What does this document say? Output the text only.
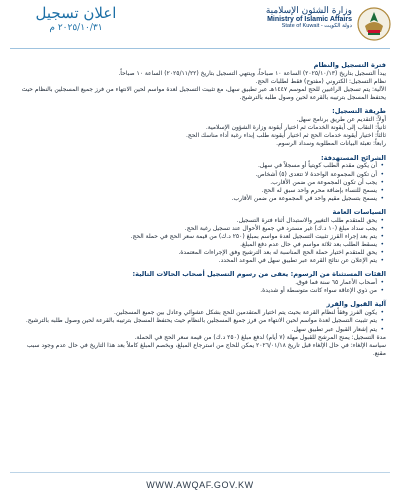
اعلان تسجيل
٢٠٢٥/١٠/٣١ م
وزارة الشئون الإسلامية
Ministry of Islamic Affairs
State of Kuwait - دولة الكويت
فترة التسجيل والنظام

يبدأ التسجيل بتاريخ (٢٠٢٥/١٠/١٣) الساعة ١٠ صباحاً، وينتهي التسجيل بتاريخ (٢٠٢٥/١١/٢٢) الساعة ١٠ صباحاً.

نظام التسجيل: الكتروني (مفتوح) فقط لطلبات الحج.

الآلية: يتم تسجيل الراغبين للحج لموسم ١٤٤٧هـ عبر تطبيق سهل، مع تثبيت التسجيل لعدة مواسم لحين الانتهاء من فرز جميع المسجلين بالنظام حيث يحتفظ المسجل بترتيبه بالقرعة لحين وصول طلبه بالترشيح.

طريقة التسجيل:

أولاً: التقديم عن طريق برنامج سهل.

ثانياً: النقاب إلى أيقونة الخدمات ثم اختيار أيقونة وزارة الشؤون الإسلامية.

ثالثاً: اختيار أيقونة خدمات الحج ثم اختيار أيقونة طلب إبداء رغبة أداء مناسك الحج.

رابعاً: تعبئة البيانات المطلوبة وسداد الرسوم.

الشرائح المستهدفة:
• أن يكون مقدم الطلب كويتياً أو مسجلاً في سهل.
• أن تكون المجموعة الواحدة لا تتعدى (٥) أشخاص.
• يجب أن تكون المجموعة من ضمن الأقارب.
• يسمح للنساء بإضافة محرم واحد سبق له الحج.
• يسمح بتسجيل مقيم واحد في المجموعة من ضمن الأقارب.
السياسات العامة
• يحق للمتقدم طلب التغيير والاستبدال أثناء فترة التسجيل.
• يجب سداد مبلغ (١٠ د.ك) غير مسترد في جميع الأحوال عند تسجيل رغبة الحج.
• يتم بعد إجراء القرز تثبيت التسجيل لعدة مواسم بمبلغ (٢٥٠ د.ك) من قيمة سعر الحج في حملة الحج.
• يسقط الطلب بعد ثلاثة مواسم في حال عدم دفع المبلغ.
• يحق للمتقدم اختيار حملة الحج المناسبة له بعد الترشيح وفق الإجراءات المعتمدة.
• يتم الإعلان عن نتائج القرعة عبر تطبيق سهل في الموعد المحدد.
الفئات المستثناة من الرسوم: يعفى من رسوم التسجيل أصحاب الحالات التالية:
• أصحاب الأعمار ٦٥ سنة فما فوق.
• من ذوي الإعاقة سواء كانت متوسطة أو شديدة.
آلية القبول والفرز
• يكون الفرز وفقاً لنظام القرعة بحيث يتم اختيار المتقدمين للحج بشكل عشوائي وعادل بين جميع المسجلين.
• يتم تثبيت التسجيل لعدة مواسم لحين الانتهاء من فرز جميع المسجلين بالنظام حيث يحتفظ المسجل بترتيبه بالقرعة لحين وصول طلبه بالترشيح.
• يتم إشعار القبول عبر تطبيق سهل.

مدة التسجيل: يمنح المرشح للقبول مهلة (٧ أيام) لدفع مبلغ (٢٥٠ د.ك) من قيمة سعر الحج في الحملة.

سياسة الإلغاء: في حال الإلغاء قبل تاريخ ٢٠٢٦/٠١/١٨ يمكن للحاج من استرجاع المبلغ، وبخصم المبلغ كاملاً بعد هذا التاريخ في حال عدم وجود سبب مقنع.

WWW.AWQAF.GOV.KW
